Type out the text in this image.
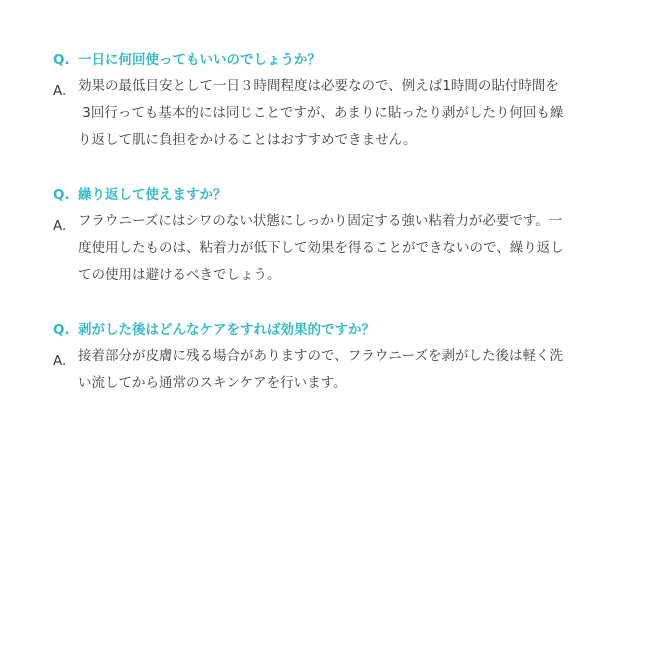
Q. 一日に何回使ってもいいのでしょうか？
A. 効果の最低目安として一日３時間程度は必要なので、例えば1時間の貼付時間を
3回行っても基本的には同じことですが、あまりに貼ったり剥がしたり何回も繰
り返して肌に負担をかけることはおすすめできません。
Q. 繰り返して使えますか？
A. フラウニーズにはシワのない状態にしっかり固定する強い粘着力が必要です。一
度使用したものは、粘着力が低下して効果を得ることができないので、繰り返し
ての使用は避けるべきでしょう。
Q. 剥がした後はどんなケアをすれば効果的ですか？
A. 接着部分が皮膚に残る場合がありますので、フラウニーズを剥がした後は軽く洗
い流してから通常のスキンケアを行います。
